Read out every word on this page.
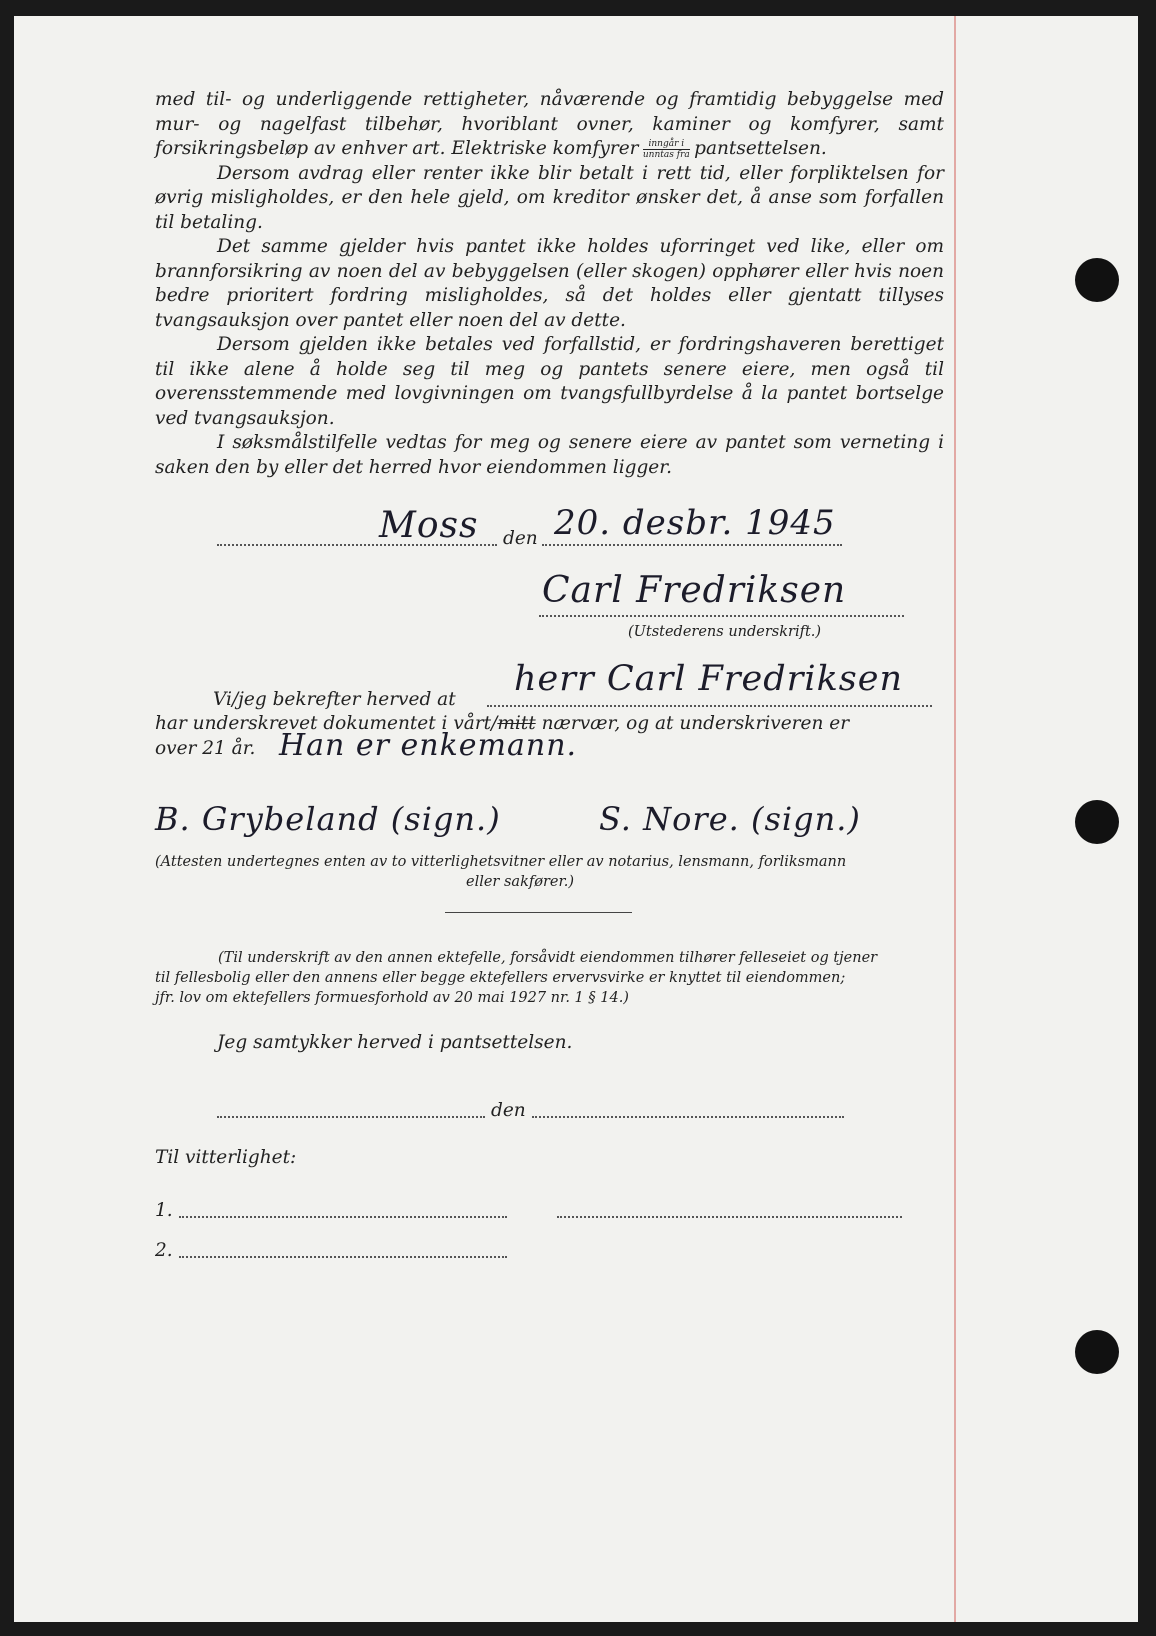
med til- og underliggende rettigheter, nåværende og framtidig bebyggelse med mur- og nagelfast tilbehør, hvoriblant ovner, kaminer og komfyrer, samt forsikringsbeløp av enhver art. Elektriske komfyrer $\frac{\text{inngår i}}{\text{unntas fra}}$ pantsettelsen.

Dersom avdrag eller renter ikke blir betalt i rett tid, eller forpliktelsen for øvrig misligholdes, er den hele gjeld, om kreditor ønsker det, å anse som forfallen til betaling.

Det samme gjelder hvis pantet ikke holdes uforringet ved like, eller om brannforsikring av noen del av bebyggelsen (eller skogen) opphører eller hvis noen bedre prioritert fordring misligholdes, så det holdes eller gjentatt tillyses tvangsauksjon over pantet eller noen del av dette.

Dersom gjelden ikke betales ved forfallstid, er fordringshaveren berettiget til ikke alene å holde seg til meg og pantets senere eiere, men også til overensstemmende med lovgivningen om tvangsfullbyrdelse å la pantet bortselge ved tvangsauksjon.

I søksmålstilfelle vedtas for meg og senere eiere av pantet som verneting i saken den by eller det herred hvor eiendommen ligger.

Moss den 20. desbr. 1945
Carl Fredriksen
(Utstederens underskrift.)
Vi/jeg bekrefter herved at
herr Carl Fredriksen
har underskrevet dokumentet i vårt/mitt nærvær, og at underskriveren er
over 21 år. Han er enkemann.
B. Grybeland (sign.)	S. Nore. (sign.)
(Attesten undertegnes enten av to vitterlighetsvitner eller av notarius, lensmann, forliksmann
eller sakfører.)
(Til underskrift av den annen ektefelle, forsåvidt eiendommen tilhører felleseiet og tjener
til fellesbolig eller den annens eller begge ektefellers ervervsvirke er knyttet til eiendommen;
jfr. lov om ektefellers formuesforhold av 20 mai 1927 nr. 1 § 14.)
Jeg samtykker herved i pantsettelsen.
den
Til vitterlighet:
1.
2.
